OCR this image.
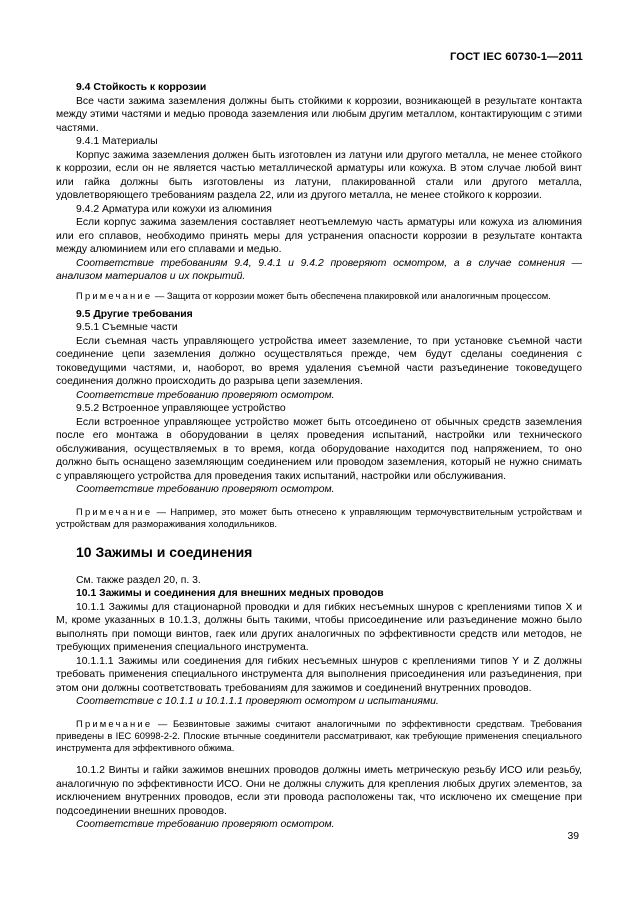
ГОСТ IEC 60730-1—2011

9.4 Стойкость к коррозии

Все части зажима заземления должны быть стойкими к коррозии, возникающей в результате контакта между этими частями и медью провода заземления или любым другим металлом, контактирующим с этими частями.

9.4.1 Материалы

Корпус зажима заземления должен быть изготовлен из латуни или другого металла, не менее стойкого к коррозии, если он не является частью металлической арматуры или кожуха. В этом случае любой винт или гайка должны быть изготовлены из латуни, плакированной стали или другого металла, удовлетворяющего требованиям раздела 22, или из другого металла, не менее стойкого к коррозии.

9.4.2 Арматура или кожухи из алюминия

Если корпус зажима заземления составляет неотъемлемую часть арматуры или кожуха из алюминия или его сплавов, необходимо принять меры для устранения опасности коррозии в результате контакта между алюминием или его сплавами и медью.

Соответствие требованиям 9.4, 9.4.1 и 9.4.2 проверяют осмотром, а в случае сомнения — анализом материалов и их покрытий.

Примечание — Защита от коррозии может быть обеспечена плакировкой или аналогичным процессом.

9.5 Другие требования

9.5.1 Съемные части

Если съемная часть управляющего устройства имеет заземление, то при установке съемной части соединение цепи заземления должно осуществляться прежде, чем будут сделаны соединения с токоведущими частями, и, наоборот, во время удаления съемной части разъединение токоведущего соединения должно происходить до разрыва цепи заземления.

Соответствие требованию проверяют осмотром.

9.5.2 Встроенное управляющее устройство

Если встроенное управляющее устройство может быть отсоединено от обычных средств заземления после его монтажа в оборудовании в целях проведения испытаний, настройки или технического обслуживания, осуществляемых в то время, когда оборудование находится под напряжением, то оно должно быть оснащено заземляющим соединением или проводом заземления, который не нужно снимать с управляющего устройства для проведения таких испытаний, настройки или обслуживания.

Соответствие требованию проверяют осмотром.

Примечание — Например, это может быть отнесено к управляющим термочувствительным устройствам и устройствам для размораживания холодильников.

10 Зажимы и соединения

См. также раздел 20, п. 3.

10.1 Зажимы и соединения для внешних медных проводов

10.1.1 Зажимы для стационарной проводки и для гибких несъемных шнуров с креплениями типов X и M, кроме указанных в 10.1.3, должны быть такими, чтобы присоединение или разъединение можно было выполнять при помощи винтов, гаек или других аналогичных по эффективности средств или методов, не требующих применения специального инструмента.

10.1.1.1 Зажимы или соединения для гибких несъемных шнуров с креплениями типов Y и Z должны требовать применения специального инструмента для выполнения присоединения или разъединения, при этом они должны соответствовать требованиям для зажимов и соединений внутренних проводов.

Соответствие с 10.1.1 и 10.1.1.1 проверяют осмотром и испытаниями.

Примечание — Безвинтовые зажимы считают аналогичными по эффективности средствам. Требования приведены в IEC 60998-2-2. Плоские втычные соединители рассматривают, как требующие применения специального инструмента для эффективного обжима.

10.1.2 Винты и гайки зажимов внешних проводов должны иметь метрическую резьбу ИСО или резьбу, аналогичную по эффективности ИСО. Они не должны служить для крепления любых других элементов, за исключением внутренних проводов, если эти провода расположены так, что исключено их смещение при подсоединении внешних проводов.

Соответствие требованию проверяют осмотром.

39
